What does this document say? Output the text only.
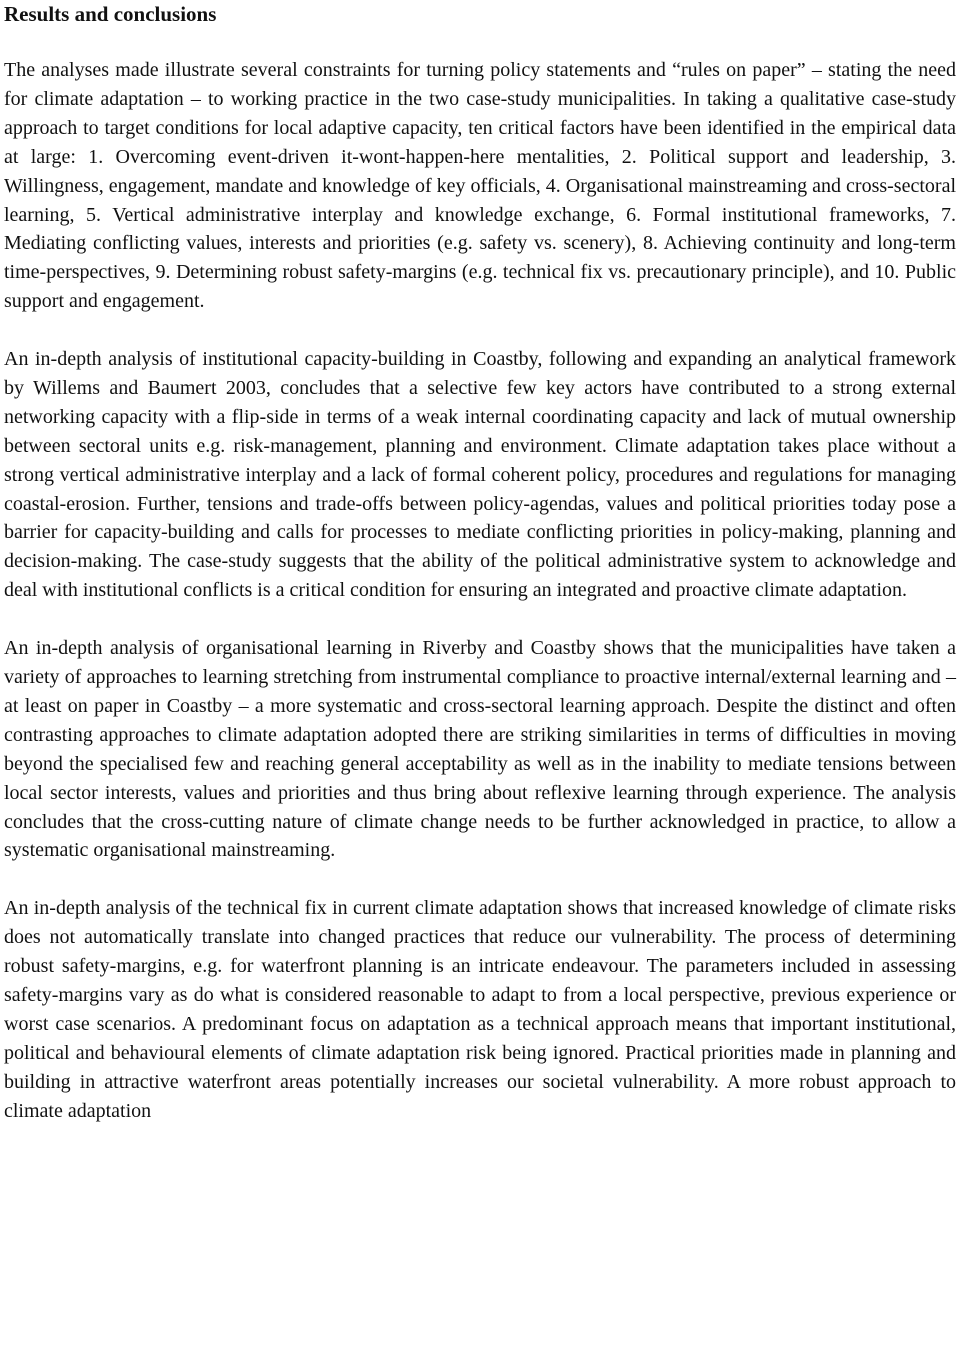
Results and conclusions

The analyses made illustrate several constraints for turning policy statements and “rules on paper” – stating the need for climate adaptation – to working practice in the two case-study municipalities. In taking a qualitative case-study approach to target conditions for local adaptive capacity, ten critical factors have been identified in the empirical data at large: 1. Overcoming event-driven it-wont-happen-here mentalities, 2. Political support and leadership, 3. Willingness, engagement, mandate and knowledge of key officials, 4. Organisational mainstreaming and cross-sectoral learning, 5. Vertical administrative interplay and knowledge exchange, 6. Formal institutional frameworks, 7. Mediating conflicting values, interests and priorities (e.g. safety vs. scenery), 8. Achieving continuity and long-term time-perspectives, 9. Determining robust safety-margins (e.g. technical fix vs. precautionary principle), and 10. Public support and engagement.

An in-depth analysis of institutional capacity-building in Coastby, following and expanding an analytical framework by Willems and Baumert 2003, concludes that a selective few key actors have contributed to a strong external networking capacity with a flip-side in terms of a weak internal coordinating capacity and lack of mutual ownership between sectoral units e.g. risk-management, planning and environment. Climate adaptation takes place without a strong vertical administrative interplay and a lack of formal coherent policy, procedures and regulations for managing coastal-erosion. Further, tensions and trade-offs between policy-agendas, values and political priorities today pose a barrier for capacity-building and calls for processes to mediate conflicting priorities in policy-making, planning and decision-making. The case-study suggests that the ability of the political administrative system to acknowledge and deal with institutional conflicts is a critical condition for ensuring an integrated and proactive climate adaptation.

An in-depth analysis of organisational learning in Riverby and Coastby shows that the municipalities have taken a variety of approaches to learning stretching from instrumental compliance to proactive internal/external learning and – at least on paper in Coastby – a more systematic and cross-sectoral learning approach. Despite the distinct and often contrasting approaches to climate adaptation adopted there are striking similarities in terms of difficulties in moving beyond the specialised few and reaching general acceptability as well as in the inability to mediate tensions between local sector interests, values and priorities and thus bring about reflexive learning through experience. The analysis concludes that the cross-cutting nature of climate change needs to be further acknowledged in practice, to allow a systematic organisational mainstreaming.

An in-depth analysis of the technical fix in current climate adaptation shows that increased knowledge of climate risks does not automatically translate into changed practices that reduce our vulnerability. The process of determining robust safety-margins, e.g. for waterfront planning is an intricate endeavour. The parameters included in assessing safety-margins vary as do what is considered reasonable to adapt to from a local perspective, previous experience or worst case scenarios. A predominant focus on adaptation as a technical approach means that important institutional, political and behavioural elements of climate adaptation risk being ignored. Practical priorities made in planning and building in attractive waterfront areas potentially increases our societal vulnerability. A more robust approach to climate adaptation
